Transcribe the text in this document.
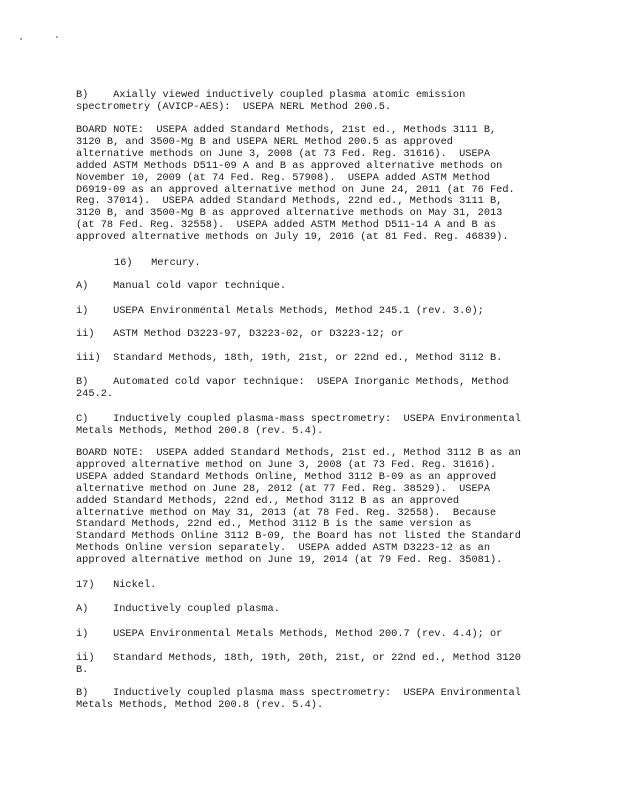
B)    Axially viewed inductively coupled plasma atomic emission
spectrometry (AVICP-AES):  USEPA NERL Method 200.5.

BOARD NOTE:  USEPA added Standard Methods, 21st ed., Methods 3111 B,
3120 B, and 3500-Mg B and USEPA NERL Method 200.5 as approved
alternative methods on June 3, 2008 (at 73 Fed. Reg. 31616).  USEPA
added ASTM Methods D511-09 A and B as approved alternative methods on
November 10, 2009 (at 74 Fed. Reg. 57908).  USEPA added ASTM Method
D6919-09 as an approved alternative method on June 24, 2011 (at 76 Fed.
Reg. 37014).  USEPA added Standard Methods, 22nd ed., Methods 3111 B,
3120 B, and 3500-Mg B as approved alternative methods on May 31, 2013
(at 78 Fed. Reg. 32558).  USEPA added ASTM Method D511-14 A and B as
approved alternative methods on July 19, 2016 (at 81 Fed. Reg. 46839).

16)   Mercury.

A)    Manual cold vapor technique.

i)    USEPA Environmental Metals Methods, Method 245.1 (rev. 3.0);

ii)   ASTM Method D3223-97, D3223-02, or D3223-12; or

iii)  Standard Methods, 18th, 19th, 21st, or 22nd ed., Method 3112 B.

B)    Automated cold vapor technique:  USEPA Inorganic Methods, Method
245.2.

C)    Inductively coupled plasma-mass spectrometry:  USEPA Environmental
Metals Methods, Method 200.8 (rev. 5.4).

BOARD NOTE:  USEPA added Standard Methods, 21st ed., Method 3112 B as an
approved alternative method on June 3, 2008 (at 73 Fed. Reg. 31616).
USEPA added Standard Methods Online, Method 3112 B-09 as an approved
alternative method on June 28, 2012 (at 77 Fed. Reg. 38529).  USEPA
added Standard Methods, 22nd ed., Method 3112 B as an approved
alternative method on May 31, 2013 (at 78 Fed. Reg. 32558).  Because
Standard Methods, 22nd ed., Method 3112 B is the same version as
Standard Methods Online 3112 B-09, the Board has not listed the Standard
Methods Online version separately.  USEPA added ASTM D3223-12 as an
approved alternative method on June 19, 2014 (at 79 Fed. Reg. 35081).

17)   Nickel.

A)    Inductively coupled plasma.

i)    USEPA Environmental Metals Methods, Method 200.7 (rev. 4.4); or

ii)   Standard Methods, 18th, 19th, 20th, 21st, or 22nd ed., Method 3120
B.

B)    Inductively coupled plasma mass spectrometry:  USEPA Environmental
Metals Methods, Method 200.8 (rev. 5.4).
